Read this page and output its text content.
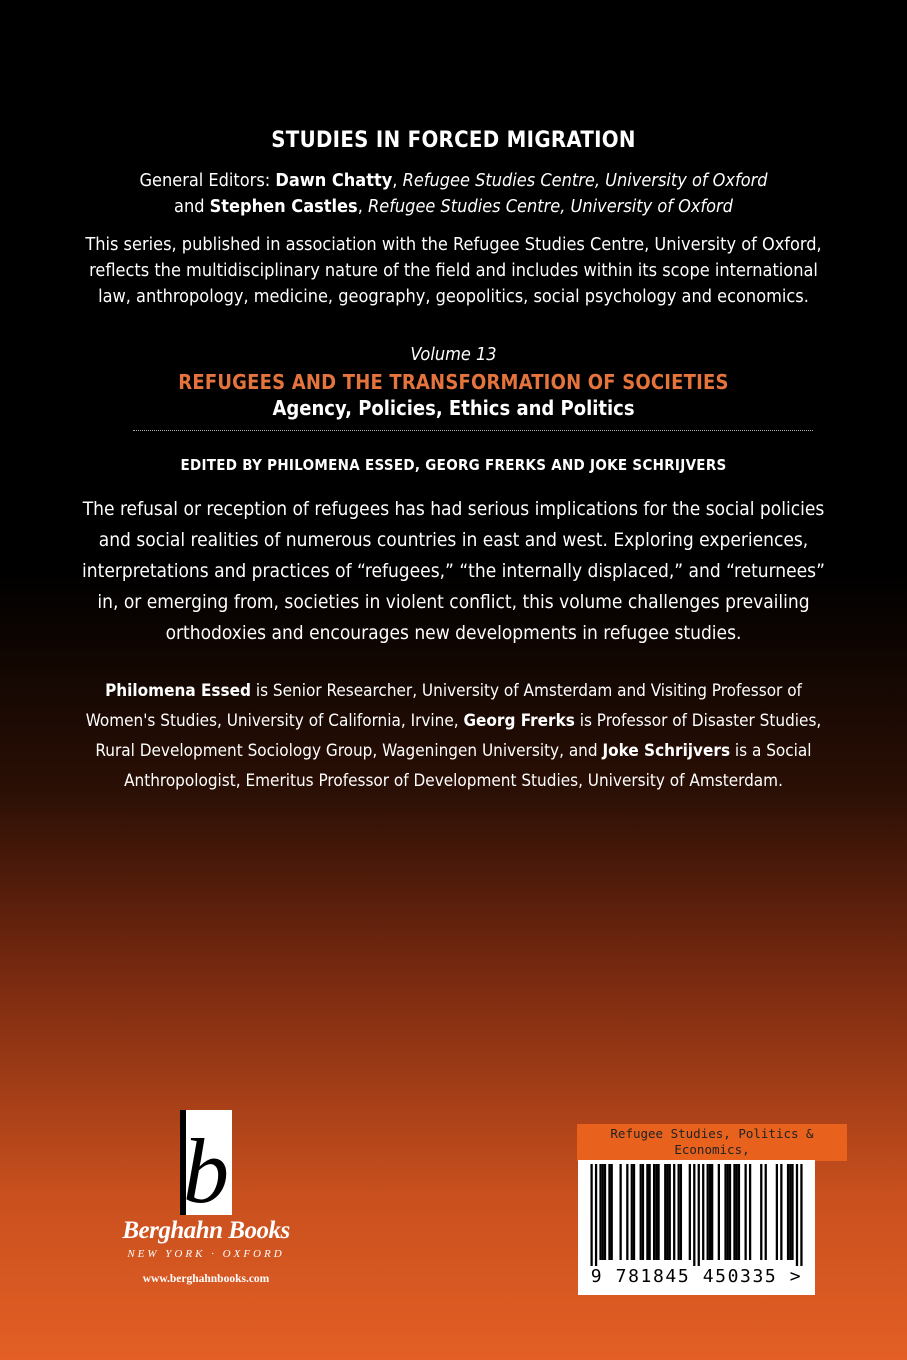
STUDIES IN FORCED MIGRATION
General Editors: Dawn Chatty, Refugee Studies Centre, University of Oxford
and Stephen Castles, Refugee Studies Centre, University of Oxford
This series, published in association with the Refugee Studies Centre, University of Oxford,
reflects the multidisciplinary nature of the field and includes within its scope international
law, anthropology, medicine, geography, geopolitics, social psychology and economics.
Volume 13
REFUGEES AND THE TRANSFORMATION OF SOCIETIES
Agency, Policies, Ethics and Politics
EDITED BY PHILOMENA ESSED, GEORG FRERKS AND JOKE SCHRIJVERS
The refusal or reception of refugees has had serious implications for the social policies
and social realities of numerous countries in east and west. Exploring experiences,
interpretations and practices of “refugees,” “the internally displaced,” and “returnees”
in, or emerging from, societies in violent conflict, this volume challenges prevailing
orthodoxies and encourages new developments in refugee studies.
Philomena Essed is Senior Researcher, University of Amsterdam and Visiting Professor of
Women's Studies, University of California, Irvine, Georg Frerks is Professor of Disaster Studies,
Rural Development Sociology Group, Wageningen University, and Joke Schrijvers is a Social
Anthropologist, Emeritus Professor of Development Studies, University of Amsterdam.
b
Berghahn Books
NEW YORK · OXFORD
www.berghahnbooks.com
Refugee Studies, Politics & Economics,
9 781845 450335 >
